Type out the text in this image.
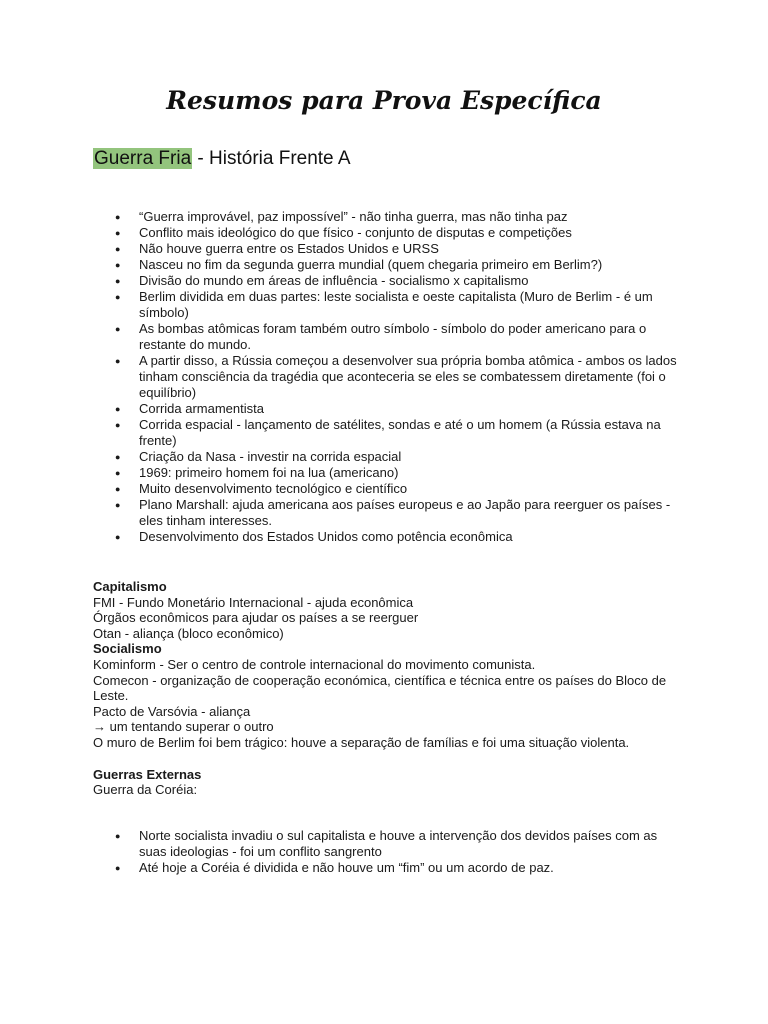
Resumos para Prova Específica
Guerra Fria - História Frente A
● “Guerra improvável, paz impossível” - não tinha guerra, mas não tinha paz
● Conflito mais ideológico do que físico - conjunto de disputas e competições
● Não houve guerra entre os Estados Unidos e URSS
● Nasceu no fim da segunda guerra mundial (quem chegaria primeiro em Berlim?)
● Divisão do mundo em áreas de influência - socialismo x capitalismo
● Berlim dividida em duas partes: leste socialista e oeste capitalista (Muro de Berlim - é um símbolo)
● As bombas atômicas foram também outro símbolo - símbolo do poder americano para o restante do mundo.
● A partir disso, a Rússia começou a desenvolver sua própria bomba atômica - ambos os lados tinham consciência da tragédia que aconteceria se eles se combatessem diretamente (foi o equilíbrio)
● Corrida armamentista
● Corrida espacial - lançamento de satélites, sondas e até o um homem (a Rússia estava na frente)
● Criação da Nasa - investir na corrida espacial
● 1969: primeiro homem foi na lua (americano)
● Muito desenvolvimento tecnológico e científico
● Plano Marshall: ajuda americana aos países europeus e ao Japão para reerguer os países - eles tinham interesses.
● Desenvolvimento dos Estados Unidos como potência econômica
Capitalismo
FMI - Fundo Monetário Internacional - ajuda econômica
Órgãos econômicos para ajudar os países a se reerguer
Otan - aliança (bloco econômico)
Socialismo
Kominform - Ser o centro de controle internacional do movimento comunista.
Comecon - organização de cooperação económica, científica e técnica entre os países do Bloco de Leste.
Pacto de Varsóvia - aliança
→ um tentando superar o outro
O muro de Berlim foi bem trágico: houve a separação de famílias e foi uma situação violenta.
Guerras Externas
Guerra da Coréia:
● Norte socialista invadiu o sul capitalista e houve a intervenção dos devidos países com as suas ideologias - foi um conflito sangrento
● Até hoje a Coréia é dividida e não houve um “fim” ou um acordo de paz.
